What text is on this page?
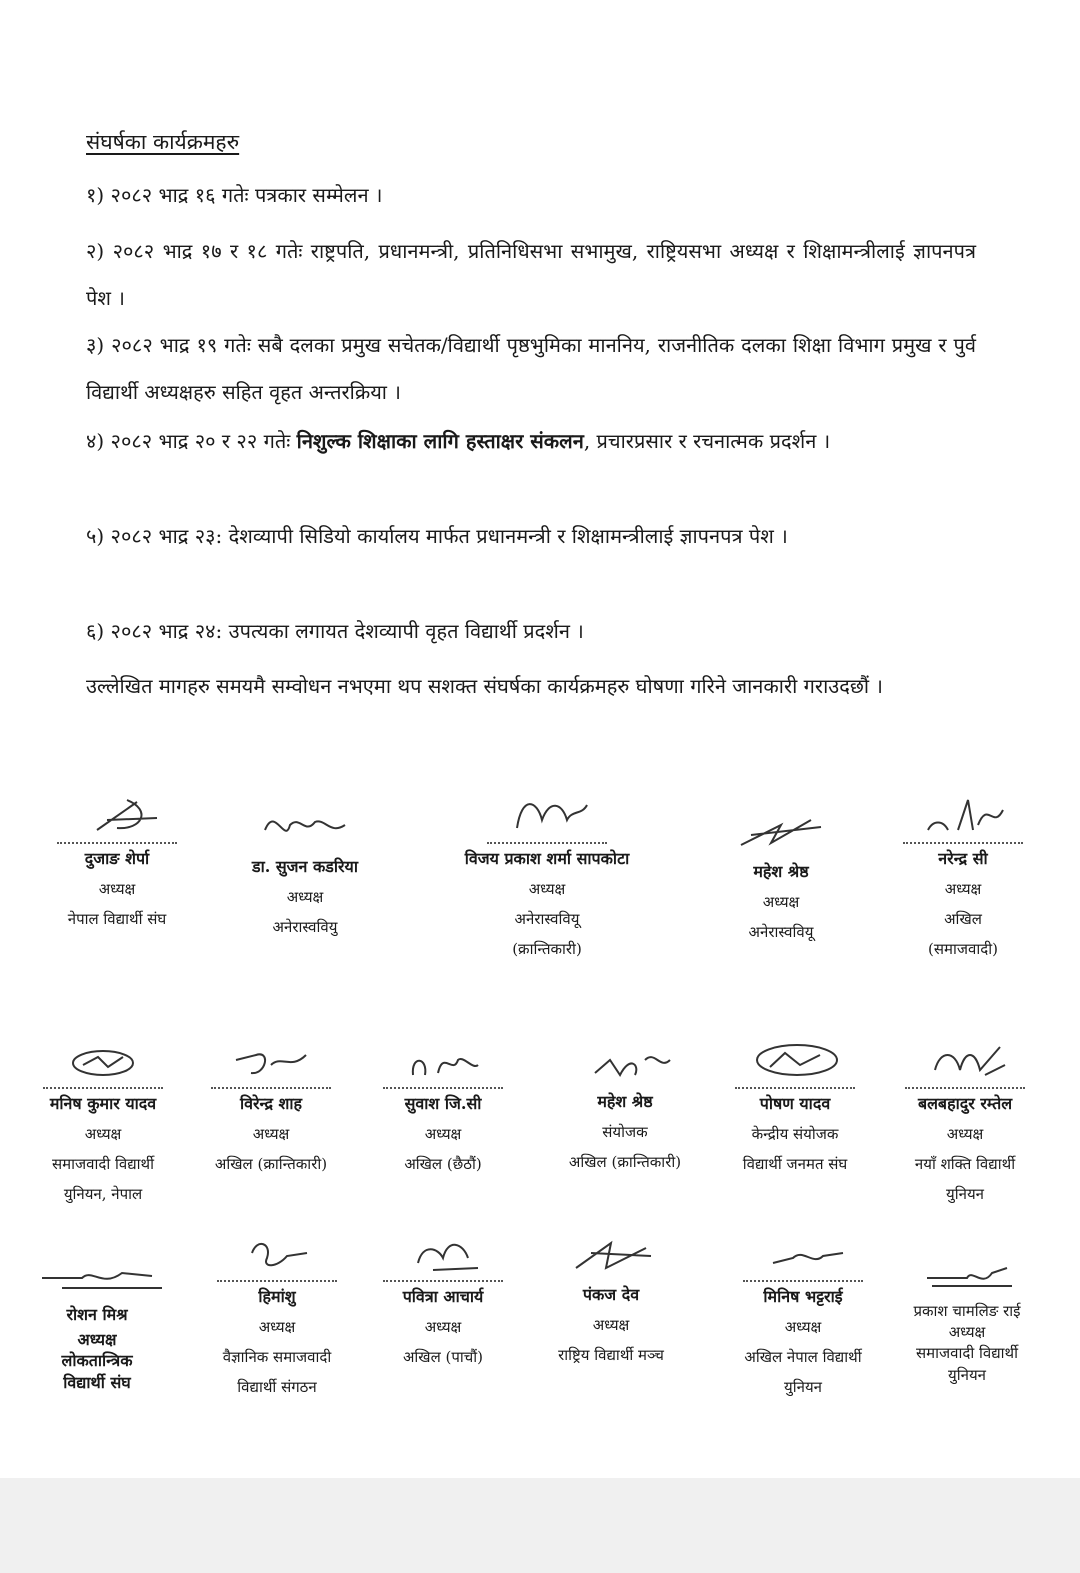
संघर्षका कार्यक्रमहरु
१) २०८२ भाद्र १६ गतेः पत्रकार सम्मेलन ।
२) २०८२ भाद्र १७ र १८ गतेः राष्ट्रपति, प्रधानमन्त्री, प्रतिनिधिसभा सभामुख, राष्ट्रियसभा अध्यक्ष र शिक्षामन्त्रीलाई ज्ञापनपत्र पेश ।
३) २०८२ भाद्र १९ गतेः सबै दलका प्रमुख सचेतक/विद्यार्थी पृष्ठभुमिका माननिय, राजनीतिक दलका शिक्षा विभाग प्रमुख र पुर्व विद्यार्थी अध्यक्षहरु सहित वृहत अन्तरक्रिया ।
४) २०८२ भाद्र २० र २२ गतेः निशुल्क शिक्षाका लागि हस्ताक्षर संकलन, प्रचारप्रसार र रचनात्मक प्रदर्शन ।
५) २०८२ भाद्र २३: देशव्यापी सिडियो कार्यालय मार्फत प्रधानमन्त्री र शिक्षामन्त्रीलाई ज्ञापनपत्र पेश ।
६) २०८२ भाद्र २४: उपत्यका लगायत देशव्यापी वृहत विद्यार्थी प्रदर्शन ।
उल्लेखित मागहरु समयमै सम्वोधन नभएमा थप सशक्त संघर्षका कार्यक्रमहरु घोषणा गरिने जानकारी गराउदछौं ।
दुजाङ शेर्पा
अध्यक्ष
नेपाल विद्यार्थी संघ
डा. सुजन कडरिया
अध्यक्ष
अनेरास्ववियु
विजय प्रकाश शर्मा सापकोटा
अध्यक्ष
अनेरास्ववियू
(क्रान्तिकारी)
महेश श्रेष्ठ
अध्यक्ष
अनेरास्ववियू
नरेन्द्र सी
अध्यक्ष
अखिल
(समाजवादी)
मनिष कुमार यादव
अध्यक्ष
समाजवादी विद्यार्थी
युनियन, नेपाल
विरेन्द्र शाह
अध्यक्ष
अखिल (क्रान्तिकारी)
सुवाश जि.सी
अध्यक्ष
अखिल (छैठौं)
महेश श्रेष्ठ
संयोजक
अखिल (क्रान्तिकारी)
पोषण यादव
केन्द्रीय संयोजक
विद्यार्थी जनमत संघ
बलबहादुर रम्तेल
अध्यक्ष
नयाँ शक्ति विद्यार्थी
युनियन
रोशन मिश्र
अध्यक्ष
लोकतान्त्रिक
विद्यार्थी संघ
हिमांशु
अध्यक्ष
वैज्ञानिक समाजवादी
विद्यार्थी संगठन
पवित्रा आचार्य
अध्यक्ष
अखिल (पाचौं)
पंकज देव
अध्यक्ष
राष्ट्रिय विद्यार्थी मञ्च
मिनिष भट्टराई
अध्यक्ष
अखिल नेपाल विद्यार्थी
युनियन
प्रकाश चामलिङ राई
अध्यक्ष
समाजवादी विद्यार्थी
युनियन
